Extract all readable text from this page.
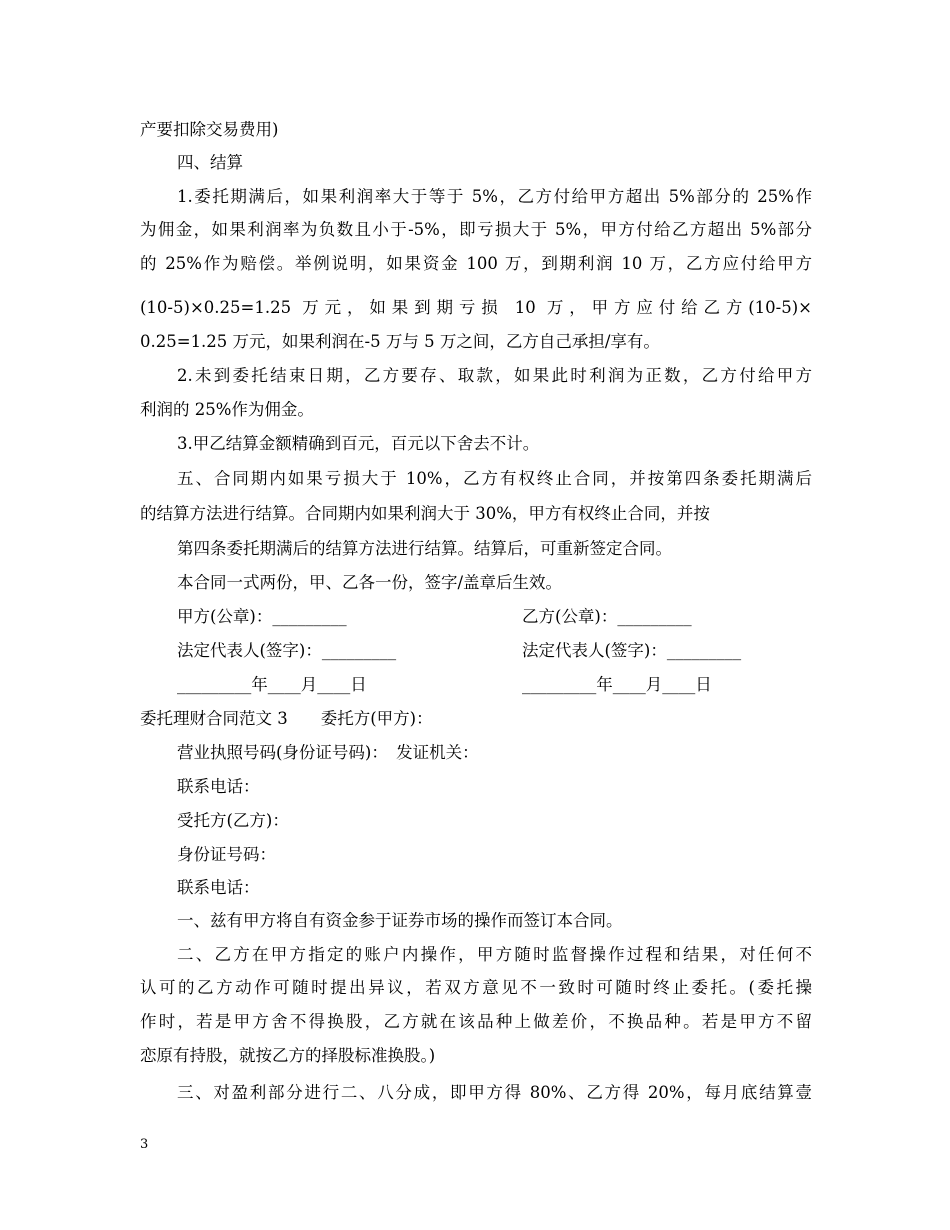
产要扣除交易费用)
四、结算
1.委托期满后，如果利润率大于等于 5%，乙方付给甲方超出 5%部分的 25%作
为佣金，如果利润率为负数且小于-5%，即亏损大于 5%，甲方付给乙方超出 5%部分
的 25%作为赔偿。举例说明，如果资金 100 万，到期利润 10 万，乙方应付给甲方
(10-5)×0.25=1.25 万元，如果到期亏损 10 万，甲方应付给乙方(10-5)×
0.25=1.25 万元，如果利润在-5 万与 5 万之间，乙方自己承担/享有。
2.未到委托结束日期，乙方要存、取款，如果此时利润为正数，乙方付给甲方
利润的 25%作为佣金。
3.甲乙结算金额精确到百元，百元以下舍去不计。
五、合同期内如果亏损大于 10%，乙方有权终止合同，并按第四条委托期满后
的结算方法进行结算。合同期内如果利润大于 30%，甲方有权终止合同，并按
第四条委托期满后的结算方法进行结算。结算后，可重新签定合同。
本合同一式两份，甲、乙各一份，签字/盖章后生效。
甲方(公章)：_________	乙方(公章)：_________
法定代表人(签字)：_________	法定代表人(签字)：_________
_________年____月____日	_________年____月____日
委托理财合同范文 3　　委托方(甲方)：
营业执照号码(身份证号码)：　发证机关：
联系电话：
受托方(乙方)：
身份证号码：
联系电话：
一、兹有甲方将自有资金参于证券市场的操作而签订本合同。
二、乙方在甲方指定的账户内操作，甲方随时监督操作过程和结果，对任何不
认可的乙方动作可随时提出异议，若双方意见不一致时可随时终止委托。(委托操
作时，若是甲方舍不得换股，乙方就在该品种上做差价，不换品种。若是甲方不留
恋原有持股，就按乙方的择股标准换股。)
三、对盈利部分进行二、八分成，即甲方得 80%、乙方得 20%，每月底结算壹
3
